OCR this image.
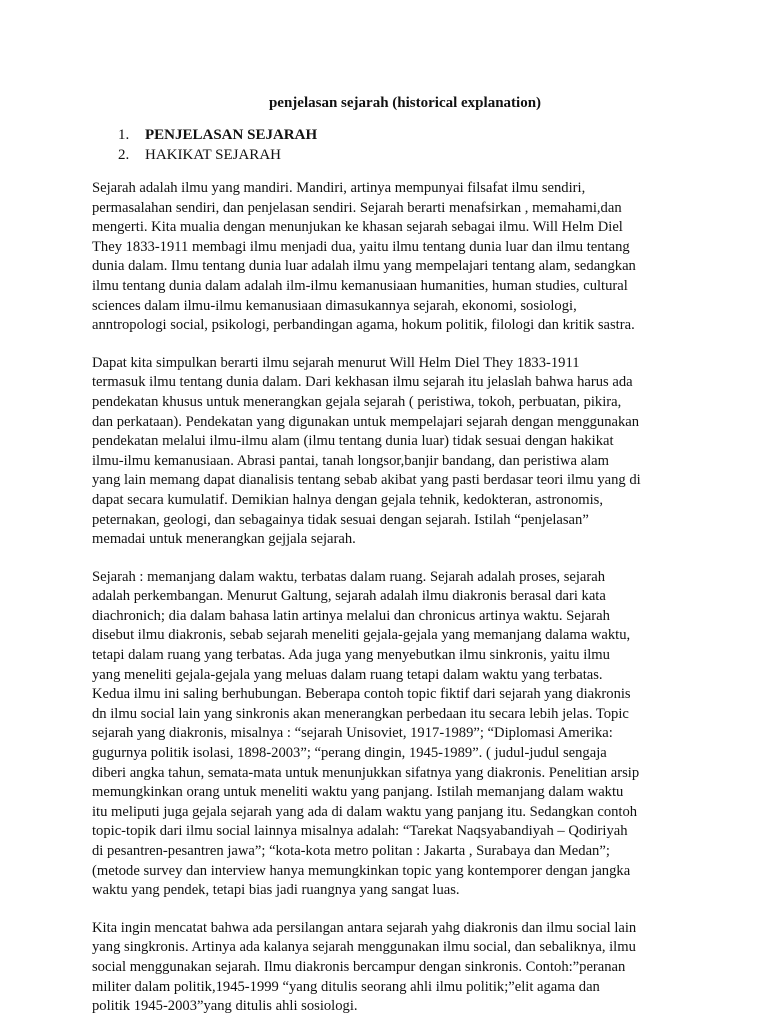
penjelasan sejarah (historical explanation)
1.	PENJELASAN SEJARAH
2.	HAKIKAT SEJARAH

Sejarah adalah ilmu yang mandiri. Mandiri, artinya mempunyai filsafat ilmu sendiri,
permasalahan sendiri, dan penjelasan sendiri. Sejarah berarti menafsirkan , memahami,dan
mengerti. Kita mualia dengan menunjukan ke khasan sejarah sebagai ilmu. Will Helm Diel
They 1833-1911 membagi ilmu menjadi dua, yaitu ilmu tentang dunia luar dan ilmu tentang
dunia dalam. Ilmu tentang dunia luar adalah ilmu yang mempelajari tentang alam, sedangkan
ilmu tentang dunia dalam adalah ilm-ilmu kemanusiaan humanities, human studies, cultural
sciences dalam ilmu-ilmu kemanusiaan dimasukannya sejarah, ekonomi, sosiologi,
anntropologi social, psikologi, perbandingan agama, hokum politik, filologi dan kritik sastra.

Dapat kita simpulkan berarti ilmu sejarah menurut Will Helm Diel They 1833-1911
termasuk ilmu tentang dunia dalam. Dari kekhasan ilmu sejarah itu jelaslah bahwa harus ada
pendekatan khusus untuk menerangkan gejala sejarah ( peristiwa, tokoh, perbuatan, pikira,
dan perkataan). Pendekatan yang digunakan untuk mempelajari sejarah dengan menggunakan
pendekatan melalui ilmu-ilmu alam (ilmu tentang dunia luar) tidak sesuai dengan hakikat
ilmu-ilmu kemanusiaan. Abrasi pantai, tanah longsor,banjir bandang, dan peristiwa alam
yang lain memang dapat dianalisis tentang sebab akibat yang pasti berdasar teori ilmu yang di
dapat secara kumulatif. Demikian halnya dengan gejala tehnik, kedokteran, astronomis,
peternakan, geologi, dan sebagainya tidak sesuai dengan sejarah. Istilah “penjelasan”
memadai untuk menerangkan gejjala sejarah.

Sejarah : memanjang dalam waktu, terbatas dalam ruang. Sejarah adalah proses, sejarah
adalah perkembangan. Menurut Galtung, sejarah adalah ilmu diakronis berasal dari kata
diachronich; dia dalam bahasa latin artinya melalui dan chronicus artinya waktu. Sejarah
disebut ilmu diakronis, sebab sejarah meneliti gejala-gejala yang memanjang dalama waktu,
tetapi dalam ruang yang terbatas. Ada juga yang menyebutkan ilmu sinkronis, yaitu ilmu
yang meneliti gejala-gejala yang meluas dalam ruang tetapi dalam waktu yang terbatas.
Kedua ilmu ini saling berhubungan. Beberapa contoh topic fiktif dari sejarah yang diakronis
dn ilmu social lain yang sinkronis akan menerangkan perbedaan itu secara lebih jelas. Topic
sejarah yang diakronis, misalnya : “sejarah Unisoviet, 1917-1989”; “Diplomasi Amerika:
gugurnya politik isolasi, 1898-2003”; “perang dingin, 1945-1989”. ( judul-judul sengaja
diberi angka tahun, semata-mata untuk menunjukkan sifatnya yang diakronis. Penelitian arsip
memungkinkan orang untuk meneliti waktu yang panjang. Istilah memanjang dalam waktu
itu meliputi juga gejala sejarah yang ada di dalam waktu yang panjang itu. Sedangkan contoh
topic-topik dari ilmu social lainnya misalnya adalah: “Tarekat Naqsyabandiyah – Qodiriyah
di pesantren-pesantren jawa”; “kota-kota metro politan : Jakarta , Surabaya dan Medan”;
(metode survey dan interview hanya memungkinkan topic yang kontemporer dengan jangka
waktu yang pendek, tetapi bias jadi ruangnya yang sangat luas.

Kita ingin mencatat bahwa ada persilangan antara sejarah yahg diakronis dan ilmu social lain
yang singkronis. Artinya ada kalanya sejarah menggunakan ilmu social, dan sebaliknya, ilmu
social menggunakan sejarah. Ilmu diakronis bercampur dengan sinkronis. Contoh:”peranan
militer dalam politik,1945-1999 “yang ditulis seorang ahli ilmu politik;”elit agama dan
politik 1945-2003”yang ditulis ahli sosiologi.
